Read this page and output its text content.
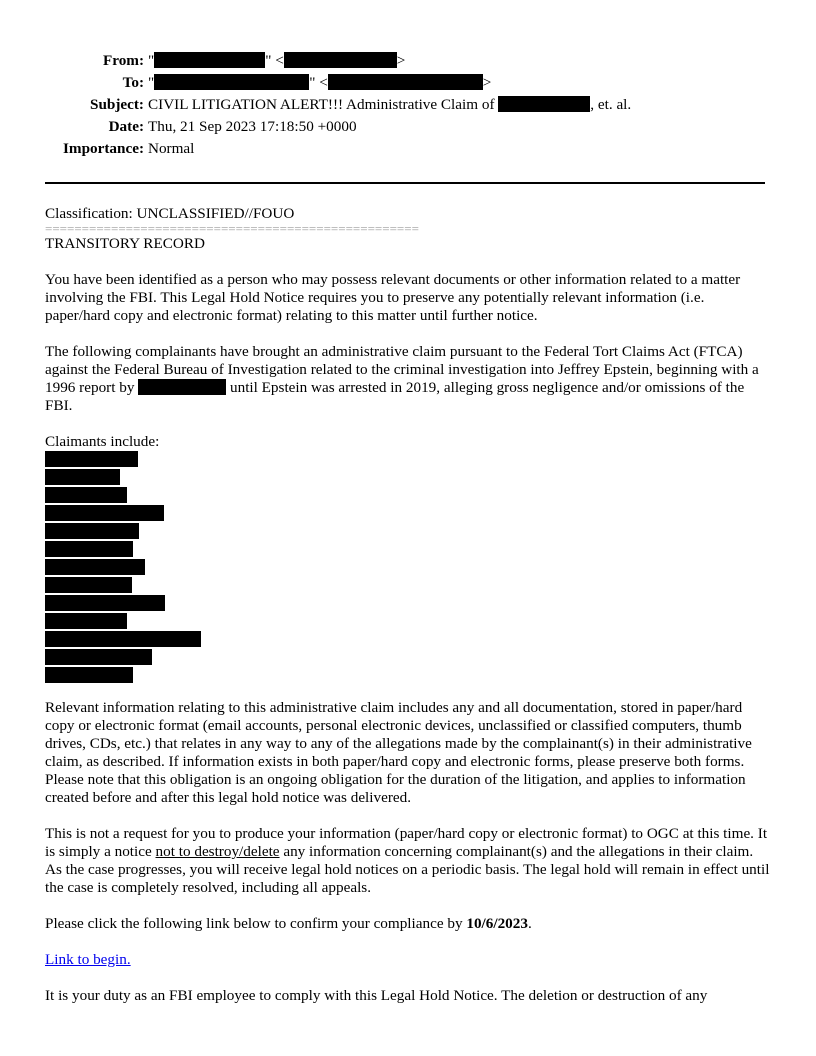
From: "	" <	>
To: "	" <	>
Subject: CIVIL LITIGATION ALERT!!! Administrative Claim of	, et. al.
Date: Thu, 21 Sep 2023 17:18:50 +0000
Importance: Normal
Classification: UNCLASSIFIED//FOUO
===================================================
TRANSITORY RECORD

You have been identified as a person who may possess relevant documents or other information related to a matter involving the FBI. This Legal Hold Notice requires you to preserve any potentially relevant information (i.e. paper/hard copy and electronic format) relating to this matter until further notice.

The following complainants have brought an administrative claim pursuant to the Federal Tort Claims Act (FTCA) against the Federal Bureau of Investigation related to the criminal investigation into Jeffrey Epstein, beginning with a 1996 report by	until Epstein was arrested in 2019, alleging gross negligence and/or omissions of the FBI.

Claimants include:

Relevant information relating to this administrative claim includes any and all documentation, stored in paper/hard copy or electronic format (email accounts, personal electronic devices, unclassified or classified computers, thumb drives, CDs, etc.) that relates in any way to any of the allegations made by the complainant(s) in their administrative claim, as described. If information exists in both paper/hard copy and electronic forms, please preserve both forms. Please note that this obligation is an ongoing obligation for the duration of the litigation, and applies to information created before and after this legal hold notice was delivered.

This is not a request for you to produce your information (paper/hard copy or electronic format) to OGC at this time. It is simply a notice not to destroy/delete any information concerning complainant(s) and the allegations in their claim. As the case progresses, you will receive legal hold notices on a periodic basis. The legal hold will remain in effect until the case is completely resolved, including all appeals.

Please click the following link below to confirm your compliance by 10/6/2023.

Link to begin.

It is your duty as an FBI employee to comply with this Legal Hold Notice. The deletion or destruction of any
